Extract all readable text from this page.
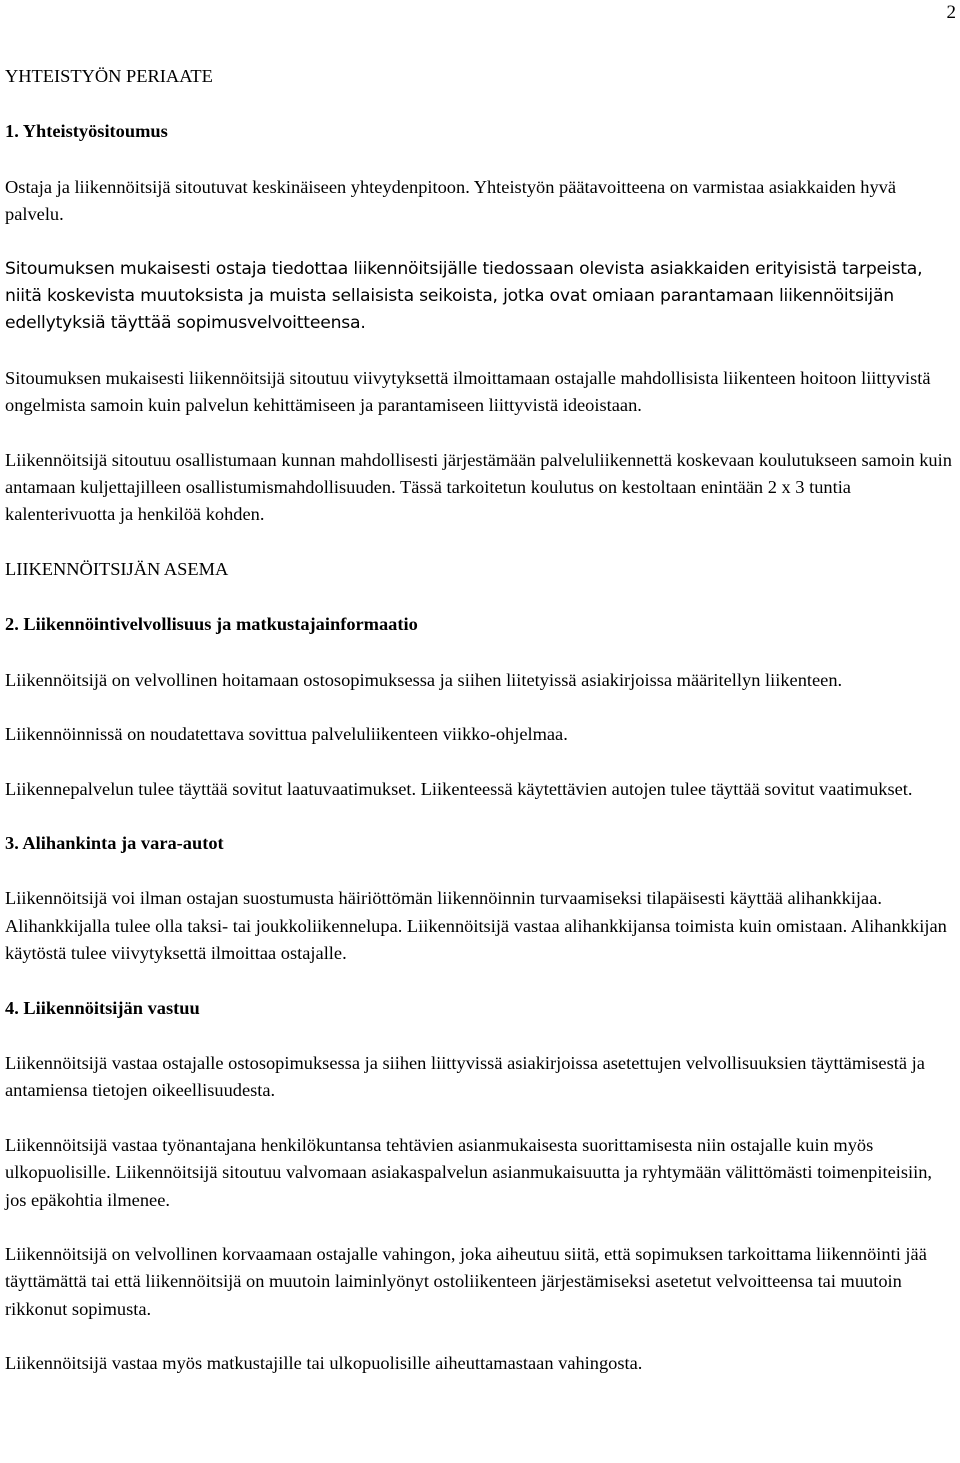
2
YHTEISTYÖN PERIAATE
1. Yhteistyösitoumus

Ostaja ja liikennöitsijä sitoutuvat keskinäiseen yhteydenpitoon. Yhteistyön päätavoitteena on varmistaa asiakkaiden hyvä palvelu.

Sitoumuksen mukaisesti ostaja tiedottaa liikennöitsijälle tiedossaan olevista asiakkaiden erityisistä tarpeista, niitä koskevista muutoksista ja muista sellaisista seikoista, jotka ovat omiaan parantamaan liikennöitsijän edellytyksiä täyttää sopimusvelvoitteensa.

Sitoumuksen mukaisesti liikennöitsijä sitoutuu viivytyksettä ilmoittamaan ostajalle mahdollisista liikenteen hoitoon liittyvistä ongelmista samoin kuin palvelun kehittämiseen ja parantamiseen liittyvistä ideoistaan.

Liikennöitsijä sitoutuu osallistumaan kunnan mahdollisesti järjestämään palveluliikennettä koskevaan koulutukseen samoin kuin antamaan kuljettajilleen osallistumismahdollisuuden. Tässä tarkoitetun koulutus on kestoltaan enintään 2 x 3 tuntia kalenterivuotta ja henkilöä kohden.

LIIKENNÖITSIJÄN ASEMA
2. Liikennöintivelvollisuus ja matkustajainformaatio

Liikennöitsijä on velvollinen hoitamaan ostosopimuksessa ja siihen liitetyissä asiakirjoissa määritellyn liikenteen.

Liikennöinnissä on noudatettava sovittua palveluliikenteen viikko-ohjelmaa.

Liikennepalvelun tulee täyttää sovitut laatuvaatimukset. Liikenteessä käytettävien autojen tulee täyttää sovitut vaatimukset.

3. Alihankinta ja vara-autot

Liikennöitsijä voi ilman ostajan suostumusta häiriöttömän liikennöinnin turvaamiseksi tilapäisesti käyttää alihankkijaa. Alihankkijalla tulee olla taksi- tai joukkoliikennelupa. Liikennöitsijä vastaa alihankkijansa toimista kuin omistaan. Alihankkijan käytöstä tulee viivytyksettä ilmoittaa ostajalle.

4. Liikennöitsijän vastuu

Liikennöitsijä vastaa ostajalle ostosopimuksessa ja siihen liittyvissä asiakirjoissa asetettujen velvollisuuksien täyttämisestä ja antamiensa tietojen oikeellisuudesta.

Liikennöitsijä vastaa työnantajana henkilökuntansa tehtävien asianmukaisesta suorittamisesta niin ostajalle kuin myös ulkopuolisille. Liikennöitsijä sitoutuu valvomaan asiakaspalvelun asianmukaisuutta ja ryhtymään välittömästi toimenpiteisiin, jos epäkohtia ilmenee.

Liikennöitsijä on velvollinen korvaamaan ostajalle vahingon, joka aiheutuu siitä, että sopimuksen tarkoittama liikennöinti jää täyttämättä tai että liikennöitsijä on muutoin laiminlyönyt ostoliikenteen järjestämiseksi asetetut velvoitteensa tai muutoin rikkonut sopimusta.

Liikennöitsijä vastaa myös matkustajille tai ulkopuolisille aiheuttamastaan vahingosta.
